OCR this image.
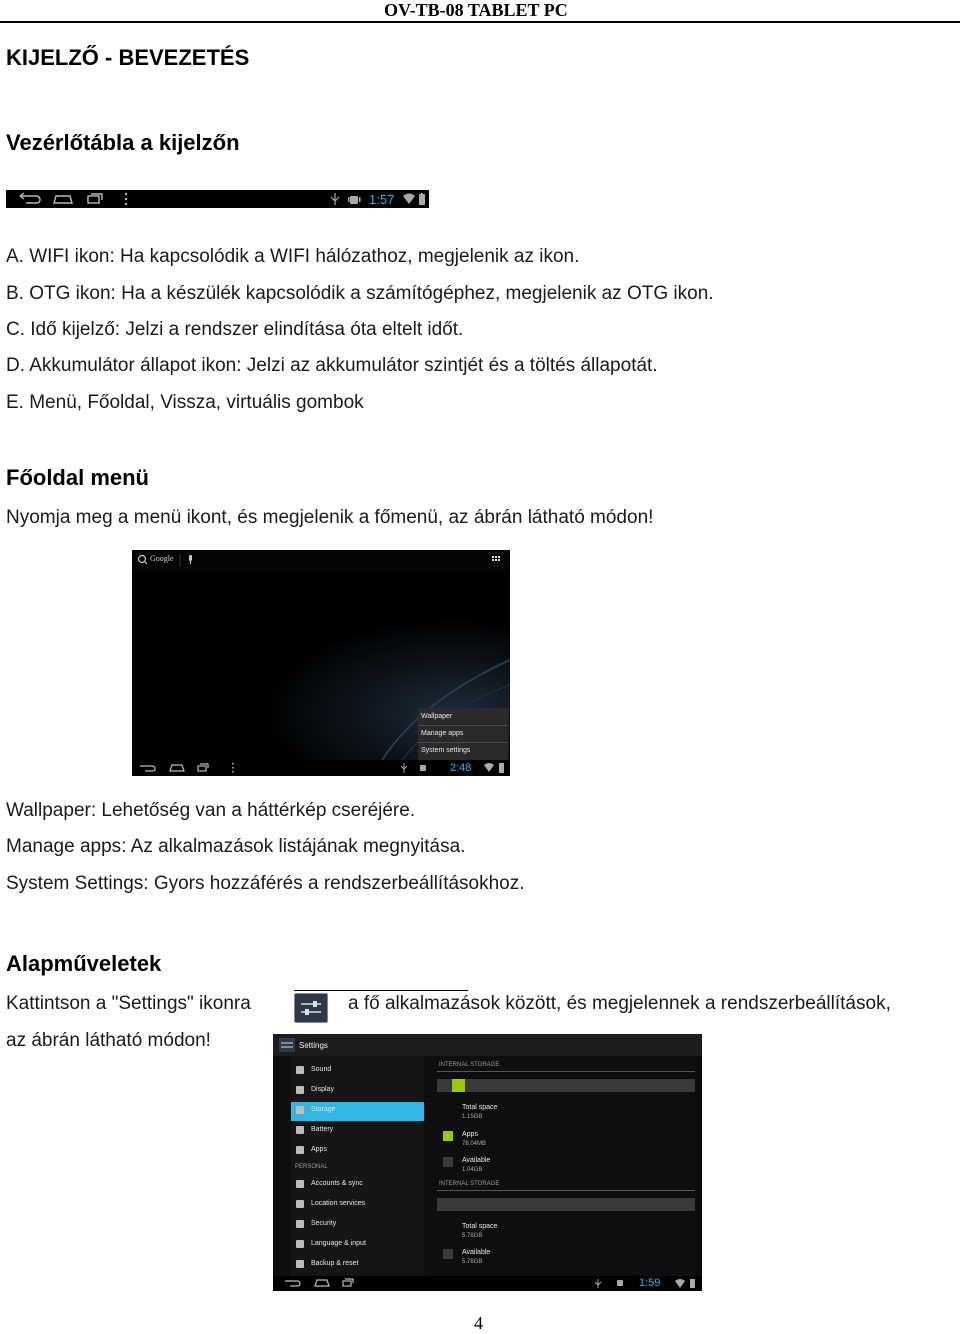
OV-TB-08 TABLET PC
KIJELZŐ - BEVEZETÉS
Vezérlőtábla a kijelzőn
1:57
A. WIFI ikon: Ha kapcsolódik a WIFI hálózathoz, megjelenik az ikon.
B. OTG ikon: Ha a készülék kapcsolódik a számítógéphez, megjelenik az OTG ikon.
C. Idő kijelző: Jelzi a rendszer elindítása óta eltelt időt.
D. Akkumulátor állapot ikon: Jelzi az akkumulátor szintjét és a töltés állapotát.
E. Menü, Főoldal, Vissza, virtuális gombok
Főoldal menü
Nyomja meg a menü ikont, és megjelenik a főmenü, az ábrán látható módon!
Google
Wallpaper
Manage apps
System settings
2:48
Wallpaper: Lehetőség van a háttérkép cseréjére.
Manage apps: Az alkalmazások listájának megnyitása.
System Settings: Gyors hozzáférés a rendszerbeállításokhoz.
Alapműveletek
Kattintson a "Settings" ikonra	a fő alkalmazások között, és megjelennek a rendszerbeállítások,
az ábrán látható módon!	Settings
Sound
Display
Storage
Battery
Apps
PERSONAL
Accounts & sync
Location services
Security
Language & input
Backup & reset
INTERNAL STORAGE
Total space
1.15GB
Apps
78.04MB
Available
1.04GB
INTERNAL STORAGE
Total space
5.78GB
Available
5.78GB
1:59
4
